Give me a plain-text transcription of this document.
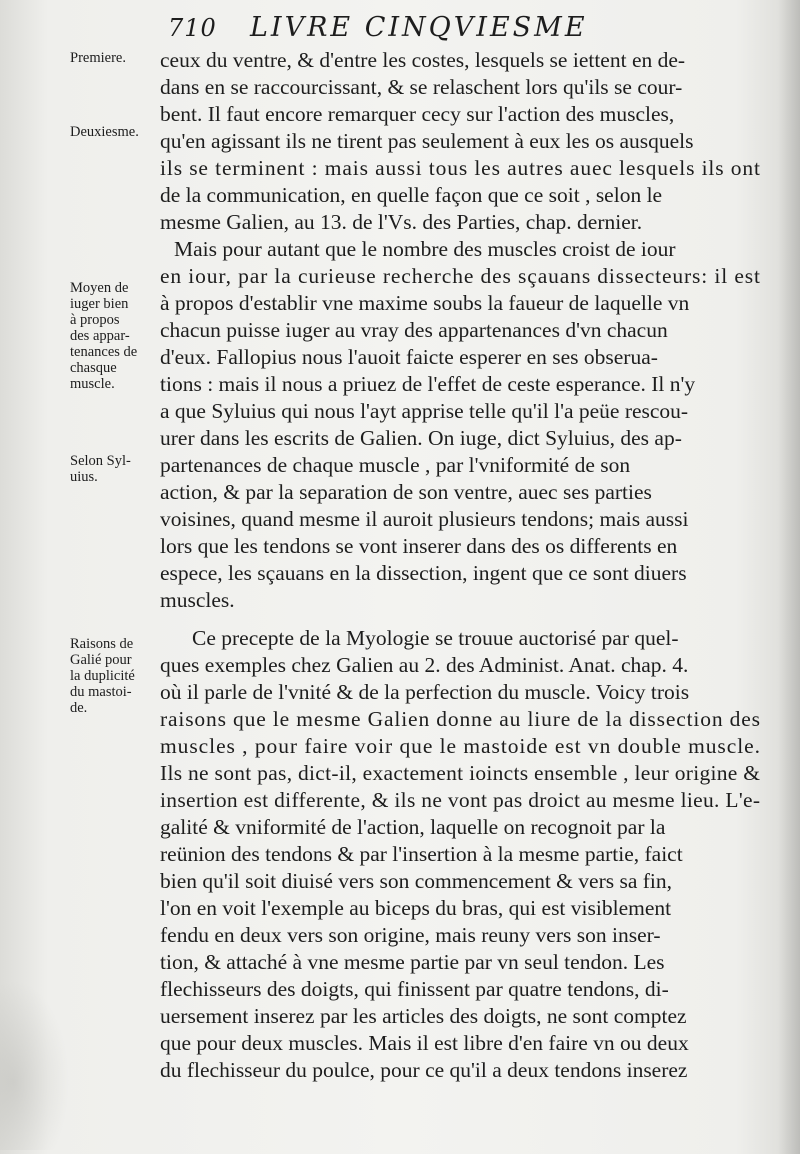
710 LIVRE CINQVIESME
Premiere.
Deuxiesme.
Moyen de
iuger bien
à propos
des appar-
tenances de
chasque
muscle.
Selon Syl-
uius.
Raisons de
Galié pour
la duplicité
du mastoi-
de.
ceux du ventre, & d'entre les costes, lesquels se iettent en de-
dans en se raccourcissant, & se relaschent lors qu'ils se cour-
bent. Il faut encore remarquer cecy sur l'action des muscles,
qu'en agissant ils ne tirent pas seulement à eux les os ausquels
ils se terminent : mais aussi tous les autres auec lesquels ils ont
de la communication, en quelle façon que ce soit , selon le
mesme Galien, au 13. de l'Vs. des Parties, chap. dernier.
Mais pour autant que le nombre des muscles croist de iour
en iour, par la curieuse recherche des sçauans dissecteurs: il est
à propos d'establir vne maxime soubs la faueur de laquelle vn
chacun puisse iuger au vray des appartenances d'vn chacun
d'eux. Fallopius nous l'auoit faicte esperer en ses obserua-
tions : mais il nous a priuez de l'effet de ceste esperance. Il n'y
a que Syluius qui nous l'ayt apprise telle qu'il l'a peüe rescou-
urer dans les escrits de Galien. On iuge, dict Syluius, des ap-
partenances de chaque muscle , par l'vniformité de son
action, & par la separation de son ventre, auec ses parties
voisines, quand mesme il auroit plusieurs tendons; mais aussi
lors que les tendons se vont inserer dans des os differents en
espece, les sçauans en la dissection, ingent que ce sont diuers
muscles.
Ce precepte de la Myologie se trouue auctorisé par quel-
ques exemples chez Galien au 2. des Administ. Anat. chap. 4.
où il parle de l'vnité & de la perfection du muscle. Voicy trois
raisons que le mesme Galien donne au liure de la dissection des
muscles , pour faire voir que le mastoide est vn double muscle.
Ils ne sont pas, dict-il, exactement ioincts ensemble , leur origine &
insertion est differente, & ils ne vont pas droict au mesme lieu. L'e-
galité & vniformité de l'action, laquelle on recognoit par la
reünion des tendons & par l'insertion à la mesme partie, faict
bien qu'il soit diuisé vers son commencement & vers sa fin,
l'on en voit l'exemple au biceps du bras, qui est visiblement
fendu en deux vers son origine, mais reuny vers son inser-
tion, & attaché à vne mesme partie par vn seul tendon. Les
flechisseurs des doigts, qui finissent par quatre tendons, di-
uersement inserez par les articles des doigts, ne sont comptez
que pour deux muscles. Mais il est libre d'en faire vn ou deux
du flechisseur du poulce, pour ce qu'il a deux tendons inserez
